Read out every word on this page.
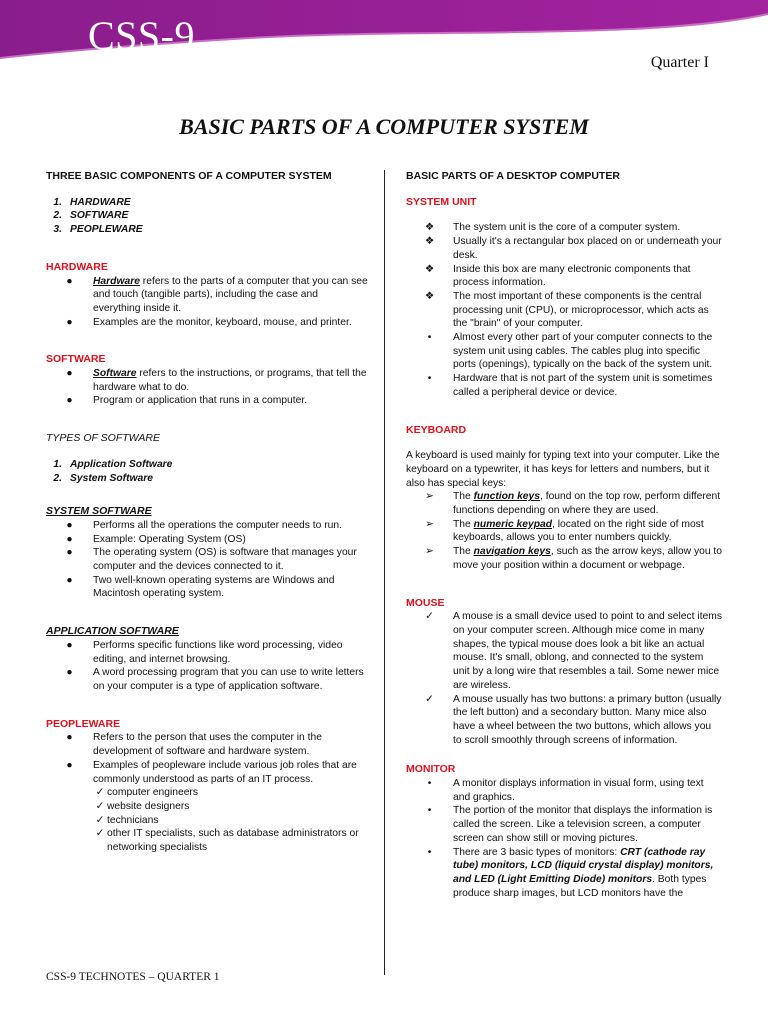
CSS-9
Quarter I
BASIC PARTS OF A COMPUTER SYSTEM

THREE BASIC COMPONENTS OF A COMPUTER SYSTEM

1. HARDWARE
2. SOFTWARE
3. PEOPLEWARE

HARDWARE

●	Hardware refers to the parts of a computer that you can see and touch (tangible parts), including the case and everything inside it.
●	Examples are the monitor, keyboard, mouse, and printer.

SOFTWARE

●	Software refers to the instructions, or programs, that tell the hardware what to do.
●	Program or application that runs in a computer.

TYPES OF SOFTWARE

1. Application Software
2. System Software

SYSTEM SOFTWARE

●	Performs all the operations the computer needs to run.
●	Example: Operating System (OS)
●	The operating system (OS) is software that manages your computer and the devices connected to it.
●	Two well-known operating systems are Windows and Macintosh operating system.

APPLICATION SOFTWARE

●	Performs specific functions like word processing, video editing, and internet browsing.
●	A word processing program that you can use to write letters on your computer is a type of application software.

PEOPLEWARE

●	Refers to the person that uses the computer in the development of software and hardware system.
●	Examples of peopleware include various job roles that are commonly understood as parts of an IT process.
✓ computer engineers
✓ website designers
✓ technicians
✓ other IT specialists, such as database administrators or networking specialists

BASIC PARTS OF A DESKTOP COMPUTER

SYSTEM UNIT

❖	The system unit is the core of a computer system.
❖	Usually it's a rectangular box placed on or underneath your desk.
❖	Inside this box are many electronic components that process information.
❖	The most important of these components is the central processing unit (CPU), or microprocessor, which acts as the "brain" of your computer.
•	Almost every other part of your computer connects to the system unit using cables. The cables plug into specific ports (openings), typically on the back of the system unit.
•	Hardware that is not part of the system unit is sometimes called a peripheral device or device.

KEYBOARD

A keyboard is used mainly for typing text into your computer. Like the keyboard on a typewriter, it has keys for letters and numbers, but it also has special keys:

➢	The function keys, found on the top row, perform different functions depending on where they are used.
➢	The numeric keypad, located on the right side of most keyboards, allows you to enter numbers quickly.
➢	The navigation keys, such as the arrow keys, allow you to move your position within a document or webpage.

MOUSE

✓	A mouse is a small device used to point to and select items on your computer screen. Although mice come in many shapes, the typical mouse does look a bit like an actual mouse. It's small, oblong, and connected to the system unit by a long wire that resembles a tail. Some newer mice are wireless.
✓	A mouse usually has two buttons: a primary button (usually the left button) and a secondary button. Many mice also have a wheel between the two buttons, which allows you to scroll smoothly through screens of information.

MONITOR

•	A monitor displays information in visual form, using text and graphics.
•	The portion of the monitor that displays the information is called the screen. Like a television screen, a computer screen can show still or moving pictures.
•	There are 3 basic types of monitors: CRT (cathode ray tube) monitors, LCD (liquid crystal display) monitors, and LED (Light Emitting Diode) monitors. Both types produce sharp images, but LCD monitors have the
CSS-9 TECHNOTES – QUARTER 1
